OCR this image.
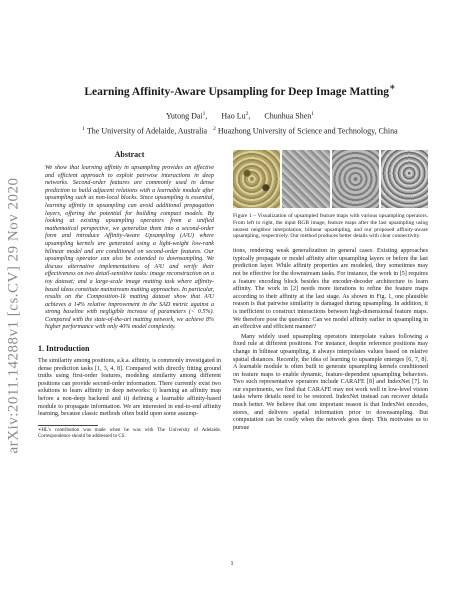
arXiv:2011.14288v1 [cs.CV] 29 Nov 2020
Learning Affinity-Aware Upsampling for Deep Image Matting∗
Yutong Dai$^1$,       Hao Lu$^2$,       Chunhua Shen$^1$
$^1$ The University of Adelaide, Australia $^2$ Huazhong University of Science and Technology, China
Abstract

We show that learning affinity in upsampling provides an effective and efficient approach to exploit pairwise interactions in deep networks. Second-order features are commonly used in dense prediction to build adjacent relations with a learnable module after upsampling such as non-local blocks. Since upsampling is essential, learning affinity in upsampling can avoid additional propagation layers, offering the potential for building compact models. By looking at existing upsampling operators from a unified mathematical perspective, we generalize them into a second-order form and introduce Affinity-Aware Upsampling (A²U) where upsampling kernels are generated using a light-weight low-rank bilinear model and are conditioned on second-order features. Our upsampling operator can also be extended to downsampling. We discuss alternative implementations of A²U and verify their effectiveness on two detail-sensitive tasks: image reconstruction on a toy dataset; and a large-scale image matting task where affinity-based ideas constitute mainstream matting approaches. In particular, results on the Composition-1k matting dataset show that A²U achieves a 14% relative improvement in the SAD metric against a strong baseline with negligible increase of parameters (< 0.5%). Compared with the state-of-the-art matting network, we achieve 8% higher performance with only 40% model complexity.

1. Introduction

The similarity among positions, a.k.a. affinity, is commonly investigated in dense prediction tasks [1, 3, 4, 8]. Compared with directly fitting ground truths using first-order features, modeling similarity among different positions can provide second-order information. There currently exist two solutions to learn affinity in deep networks: i) learning an affinity map before a non-deep backend and ii) defining a learnable affinity-based module to propagate information. We are interested in end-to-end affinity learning, because classic methods often build upon some assump-

∗HL's contribution was made when he was with The University of Adelaide. Correspondence should be addressed to CS.

Figure 1 – Visualization of upsampled feature maps with various upsampling operators. From left to right, the input RGB image, feature maps after the last upsampling using nearest neighbor interpolation, bilinear upsampling, and our proposed affinity-aware upsampling, respectively. Our method produces better details with clear connectivity.

tions, rendering weak generalization in general cases. Existing approaches typically propagate or model affinity after upsampling layers or before the last prediction layer. While affinity properties are modeled, they sometimes may not be effective for the downstream tasks. For instance, the work in [5] requires a feature encoding block besides the encoder-decoder architecture to learn affinity. The work in [2] needs more iterations to refine the feature maps according to their affinity at the last stage. As shown in Fig. 1, one plausible reason is that pairwise similarity is damaged during upsampling. In addition, it is inefficient to construct interactions between high-dimensional feature maps. We therefore pose the question: Can we model affinity earlier in upsampling in an effective and efficient manner?

Many widely used upsampling operators interpolate values following a fixed rule at different positions. For instance, despite reference positions may change in bilinear upsampling, it always interpolates values based on relative spatial distances. Recently, the idea of learning to upsample emerges [6, 7, 8]. A learnable module is often built to generate upsampling kernels conditioned on feature maps to enable dynamic, feature-dependent upsampling behaviors. Two such representative operators include CARAFE [8] and IndexNet [7]. In our experiments, we find that CARAFE may not work well in low-level vision tasks where details need to be restored. IndexNet instead can recover details much better. We believe that one important reason is that IndexNet encodes, stores, and delivers spatial information prior to downsampling. But computation can be costly when the network goes deep. This motivates us to pursue

1
